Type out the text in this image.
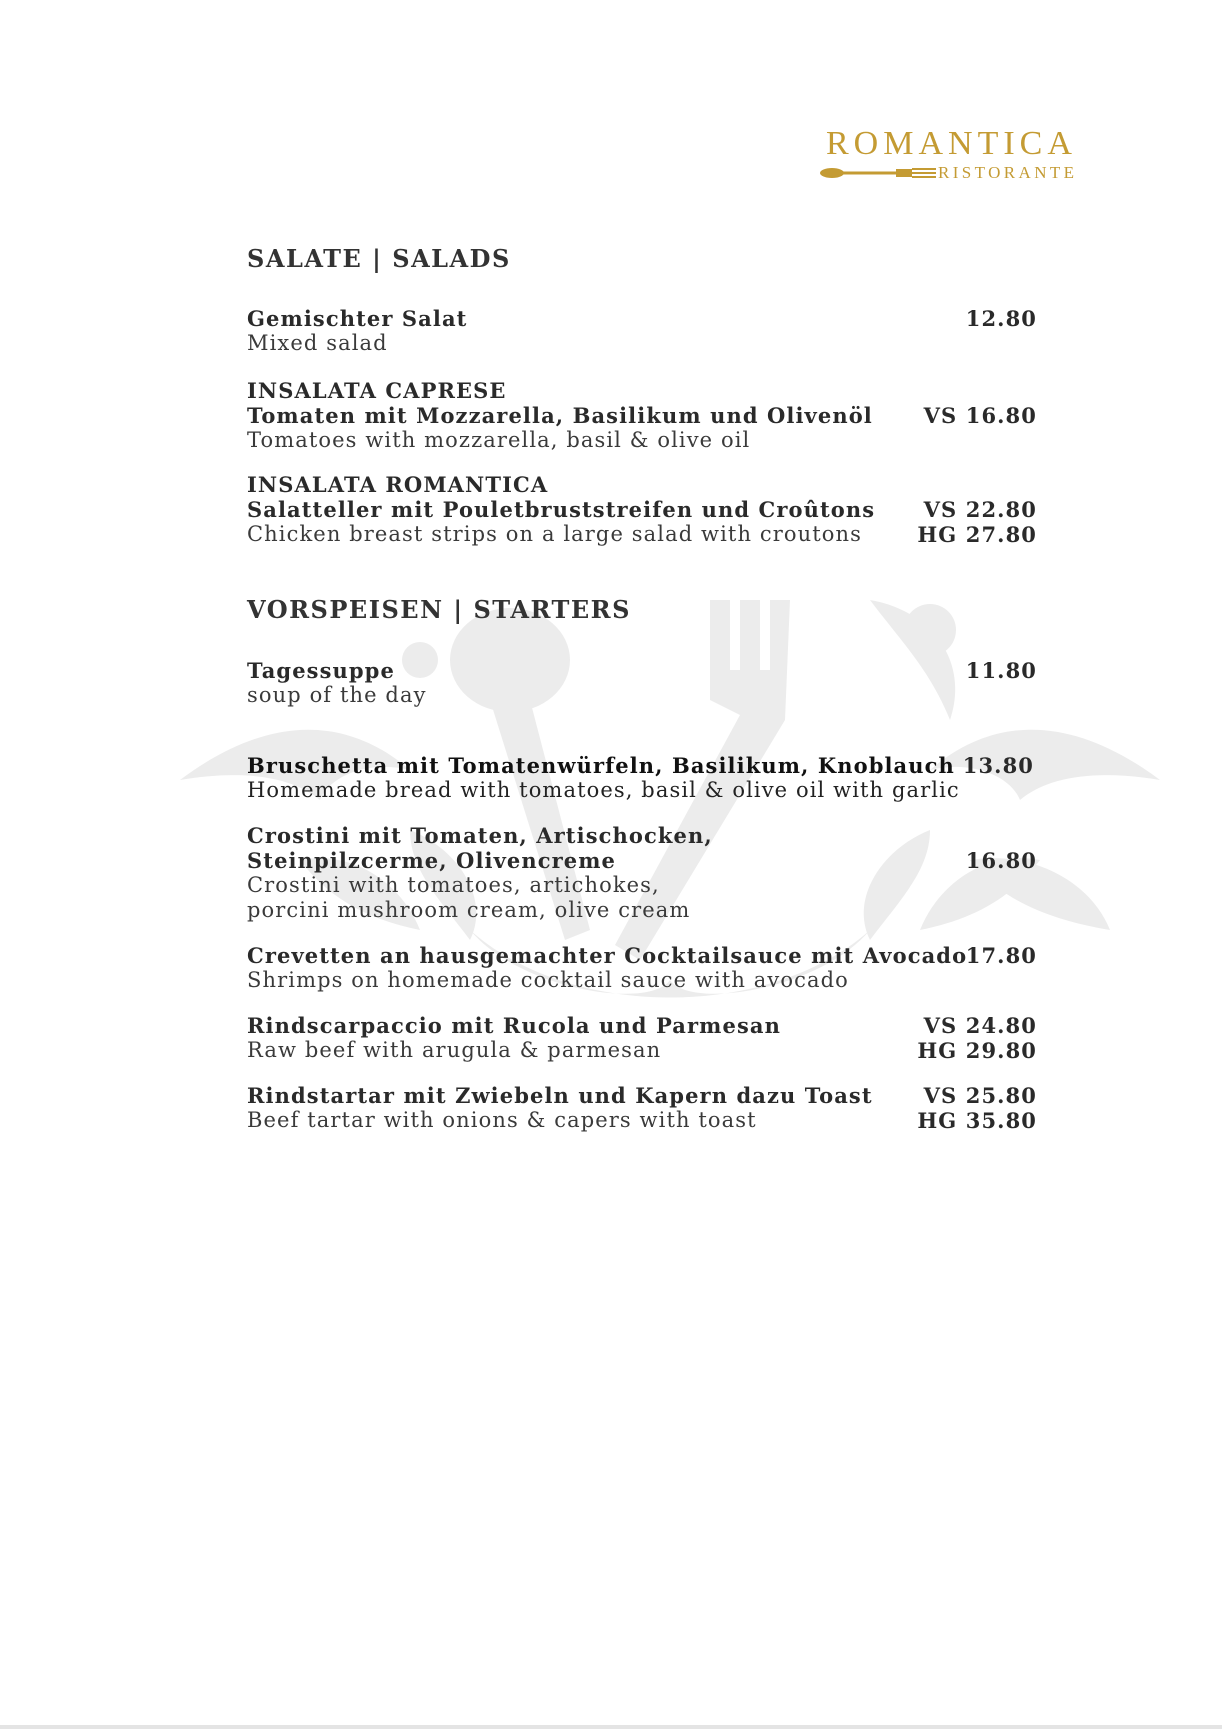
ROMANTICA
RISTORANTE
SALATE | SALADS
Gemischter Salat
Mixed salad
12.80
INSALATA CAPRESE
Tomaten mit Mozzarella, Basilikum und Olivenöl
Tomatoes with mozzarella, basil & olive oil
VS 16.80
INSALATA ROMANTICA
Salatteller mit Pouletbruststreifen und Croûtons
Chicken breast strips on a large salad with croutons
VS 22.80
HG 27.80
VORSPEISEN | STARTERS
Tagessuppe
soup of the day
11.80
Bruschetta mit Tomatenwürfeln, Basilikum, Knoblauch
Homemade bread with tomatoes, basil & olive oil with garlic
13.80
Crostini mit Tomaten, Artischocken,
Steinpilzcerme, Olivencreme
Crostini with tomatoes, artichokes,
porcini mushroom cream, olive cream
16.80
Crevetten an hausgemachter Cocktailsauce mit Avocado
Shrimps on homemade cocktail sauce with avocado
17.80
Rindscarpaccio mit Rucola und Parmesan
Raw beef with arugula & parmesan
VS 24.80
HG 29.80
Rindstartar mit Zwiebeln und Kapern dazu Toast
Beef tartar with onions & capers with toast
VS 25.80
HG 35.80
